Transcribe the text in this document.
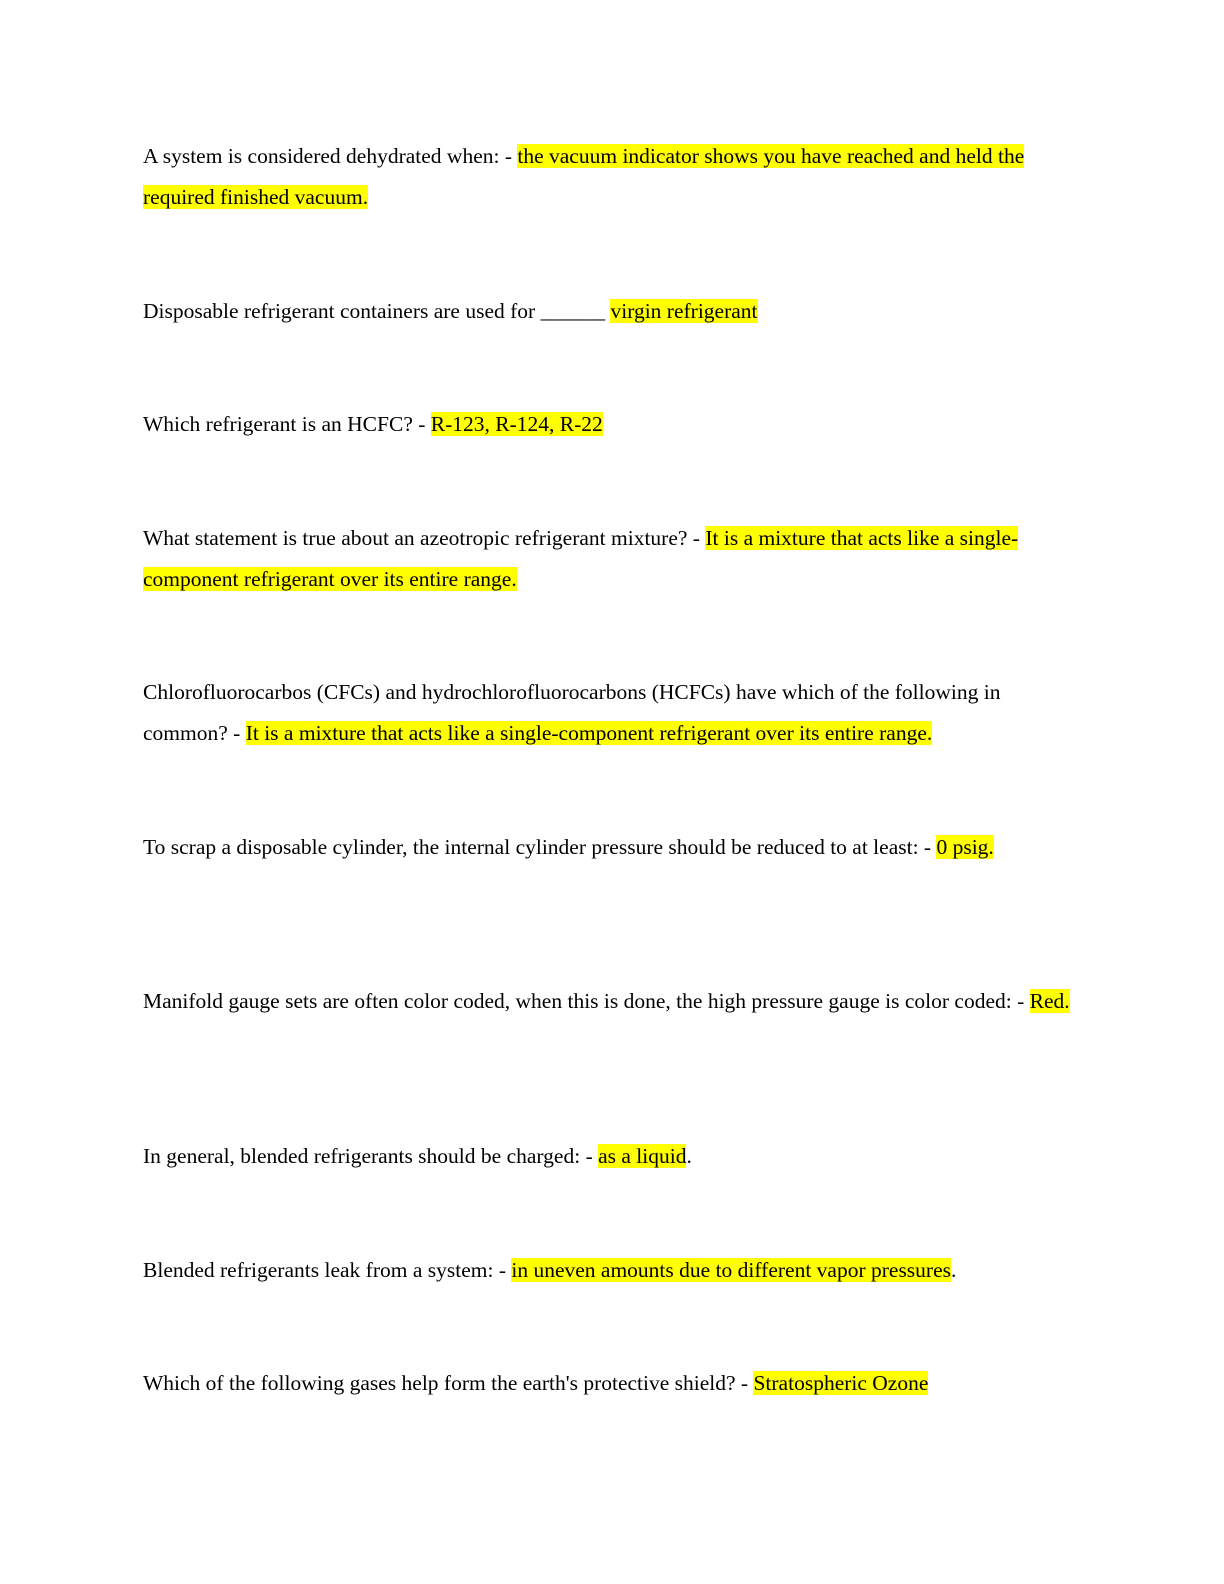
A system is considered dehydrated when: - the vacuum indicator shows you have reached and held the required finished vacuum.

Disposable refrigerant containers are used for ______ virgin refrigerant

Which refrigerant is an HCFC? - R-123, R-124, R-22

What statement is true about an azeotropic refrigerant mixture? - It is a mixture that acts like a single-component refrigerant over its entire range.

Chlorofluorocarbos (CFCs) and hydrochlorofluorocarbons (HCFCs) have which of the following in common? - It is a mixture that acts like a single-component refrigerant over its entire range.

To scrap a disposable cylinder, the internal cylinder pressure should be reduced to at least: - 0 psig.

Manifold gauge sets are often color coded, when this is done, the high pressure gauge is color coded: - Red.

In general, blended refrigerants should be charged: - as a liquid.

Blended refrigerants leak from a system: - in uneven amounts due to different vapor pressures.

Which of the following gases help form the earth's protective shield? - Stratospheric Ozone
